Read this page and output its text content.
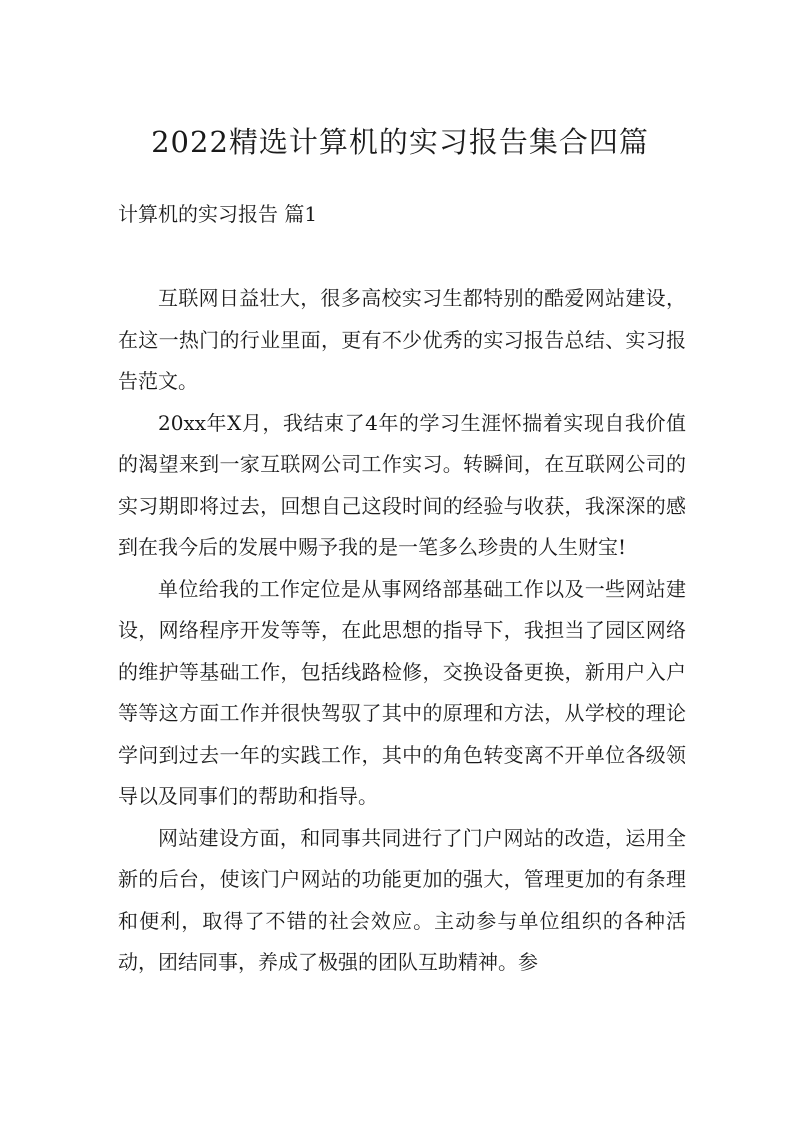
2022精选计算机的实习报告集合四篇

计算机的实习报告 篇1

互联网日益壮大，很多高校实习生都特别的酷爱网站建设，在这一热门的行业里面，更有不少优秀的实习报告总结、实习报告范文。

20xx年X月，我结束了4年的学习生涯怀揣着实现自我价值的渴望来到一家互联网公司工作实习。转瞬间，在互联网公司的实习期即将过去，回想自己这段时间的经验与收获，我深深的感到在我今后的发展中赐予我的是一笔多么珍贵的人生财宝!

单位给我的工作定位是从事网络部基础工作以及一些网站建设，网络程序开发等等，在此思想的指导下，我担当了园区网络的维护等基础工作，包括线路检修，交换设备更换，新用户入户等等这方面工作并很快驾驭了其中的原理和方法，从学校的理论学问到过去一年的实践工作，其中的角色转变离不开单位各级领导以及同事们的帮助和指导。

网站建设方面，和同事共同进行了门户网站的改造，运用全新的后台，使该门户网站的功能更加的强大，管理更加的有条理和便利，取得了不错的社会效应。主动参与单位组织的各种活动，团结同事，养成了极强的团队互助精神。参
